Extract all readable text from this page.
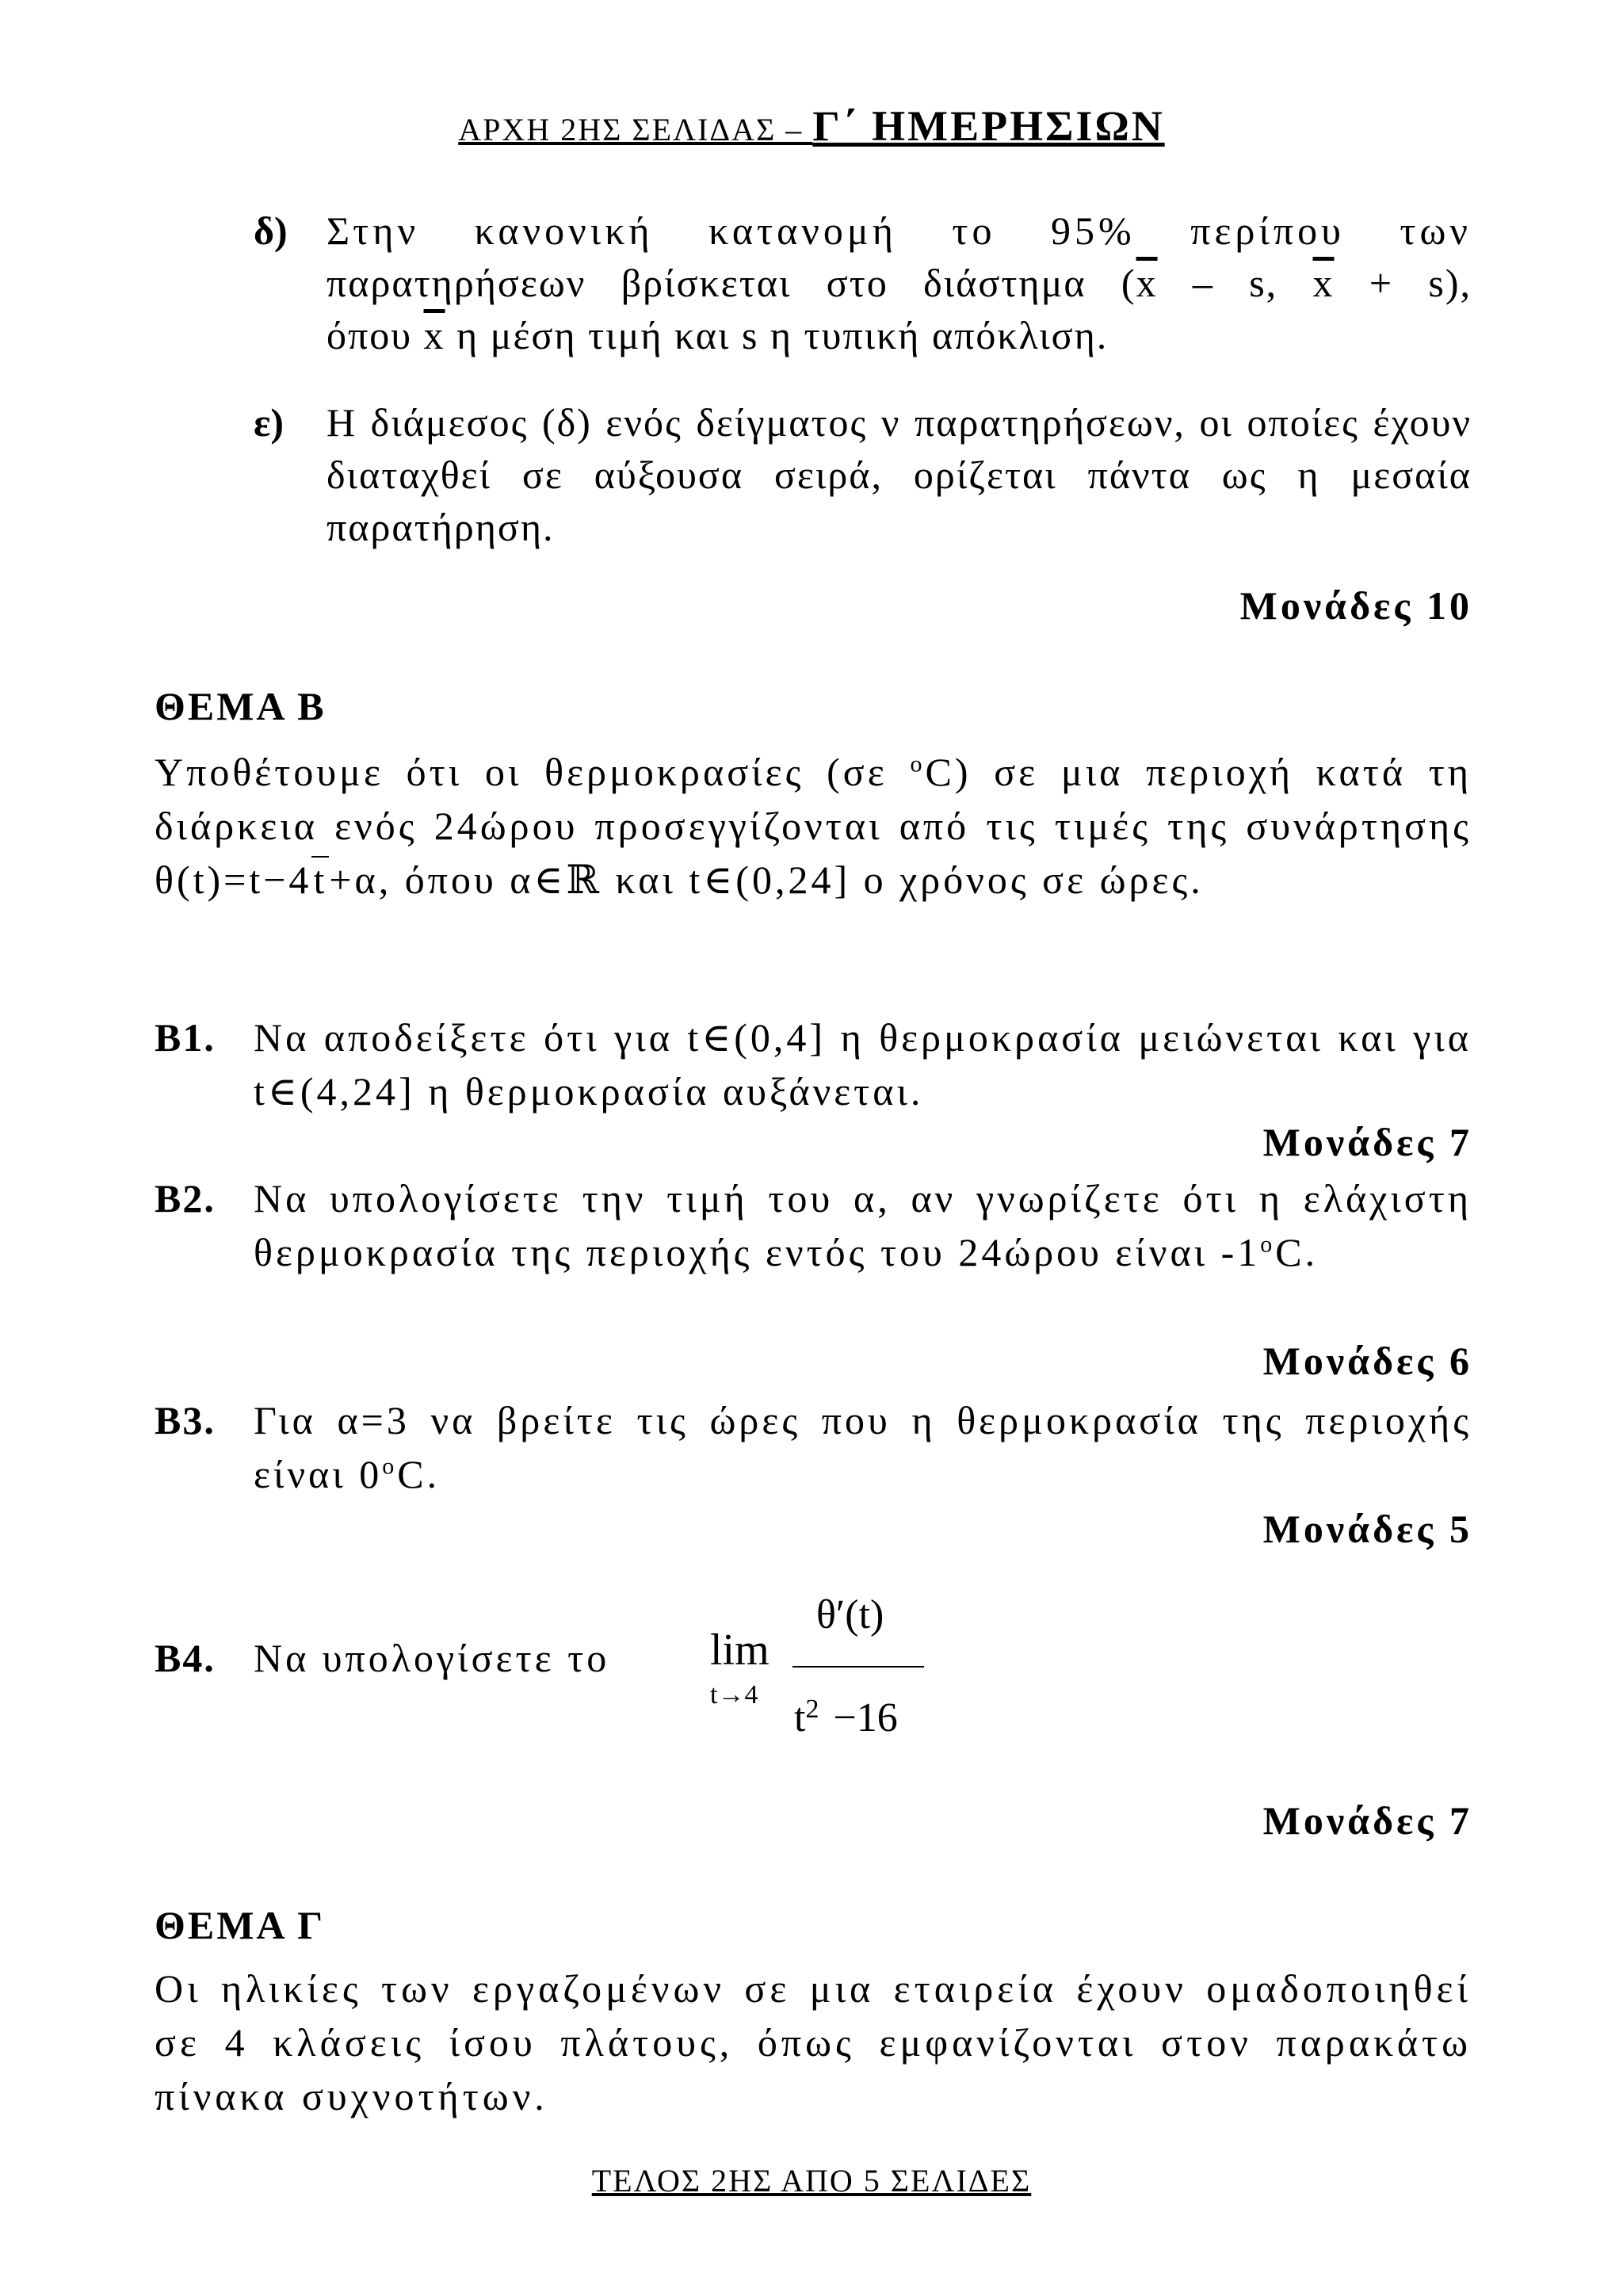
ΑΡΧΗ 2ΗΣ ΣΕΛΙΔΑΣ – Γ΄ ΗΜΕΡΗΣΙΩΝ
δ) Στην κανονική κατανομή το 95% περίπου των
παρατηρήσεων βρίσκεται στο διάστημα ($\overline{x}$ – s, $\overline{x} + s$),
όπου $\overline{x}$ η μέση τιμή και s η τυπική απόκλιση.
ε)	Η διάμεσος (δ) ενός δείγματος ν παρατηρήσεων, οι οποίες έχουν διαταχθεί σε αύξουσα σειρά, ορίζεται πάντα ως η μεσαία παρατήρηση.
Μονάδες 10
ΘΕΜΑ Β
Υποθέτουμε ότι οι θερμοκρασίες (σε $^o$C) σε μια περιοχή κατά τη διάρκεια ενός 24ώρου προσεγγίζονται από τις τιμές της συνάρτησης θ(t)=t−4t+α, όπου α∈ℝ και t∈(0,24] ο χρόνος σε ώρες.
Β1. Να αποδείξετε ότι για t∈(0,4] η θερμοκρασία μειώνεται και για t∈(4,24] η θερμοκρασία αυξάνεται.
Μονάδες 7
Β2. Να υπολογίσετε την τιμή του α, αν γνωρίζετε ότι η ελάχιστη θερμοκρασία της περιοχής εντός του 24ώρου είναι -1$^o$C.
Μονάδες 6
Β3. Για α=3 να βρείτε τις ώρες που η θερμοκρασία της περιοχής είναι 0$^o$C.
Μονάδες 5
Β4. Να υπολογίσετε το	lim
t→4
θ′(t)
$t^2 -16$
Μονάδες 7
ΘΕΜΑ Γ
Οι ηλικίες των εργαζομένων σε μια εταιρεία έχουν ομαδοποιηθεί σε 4 κλάσεις ίσου πλάτους, όπως εμφανίζονται στον παρακάτω πίνακα συχνοτήτων.
ΤΕΛΟΣ 2ΗΣ ΑΠΟ 5 ΣΕΛΙΔΕΣ
